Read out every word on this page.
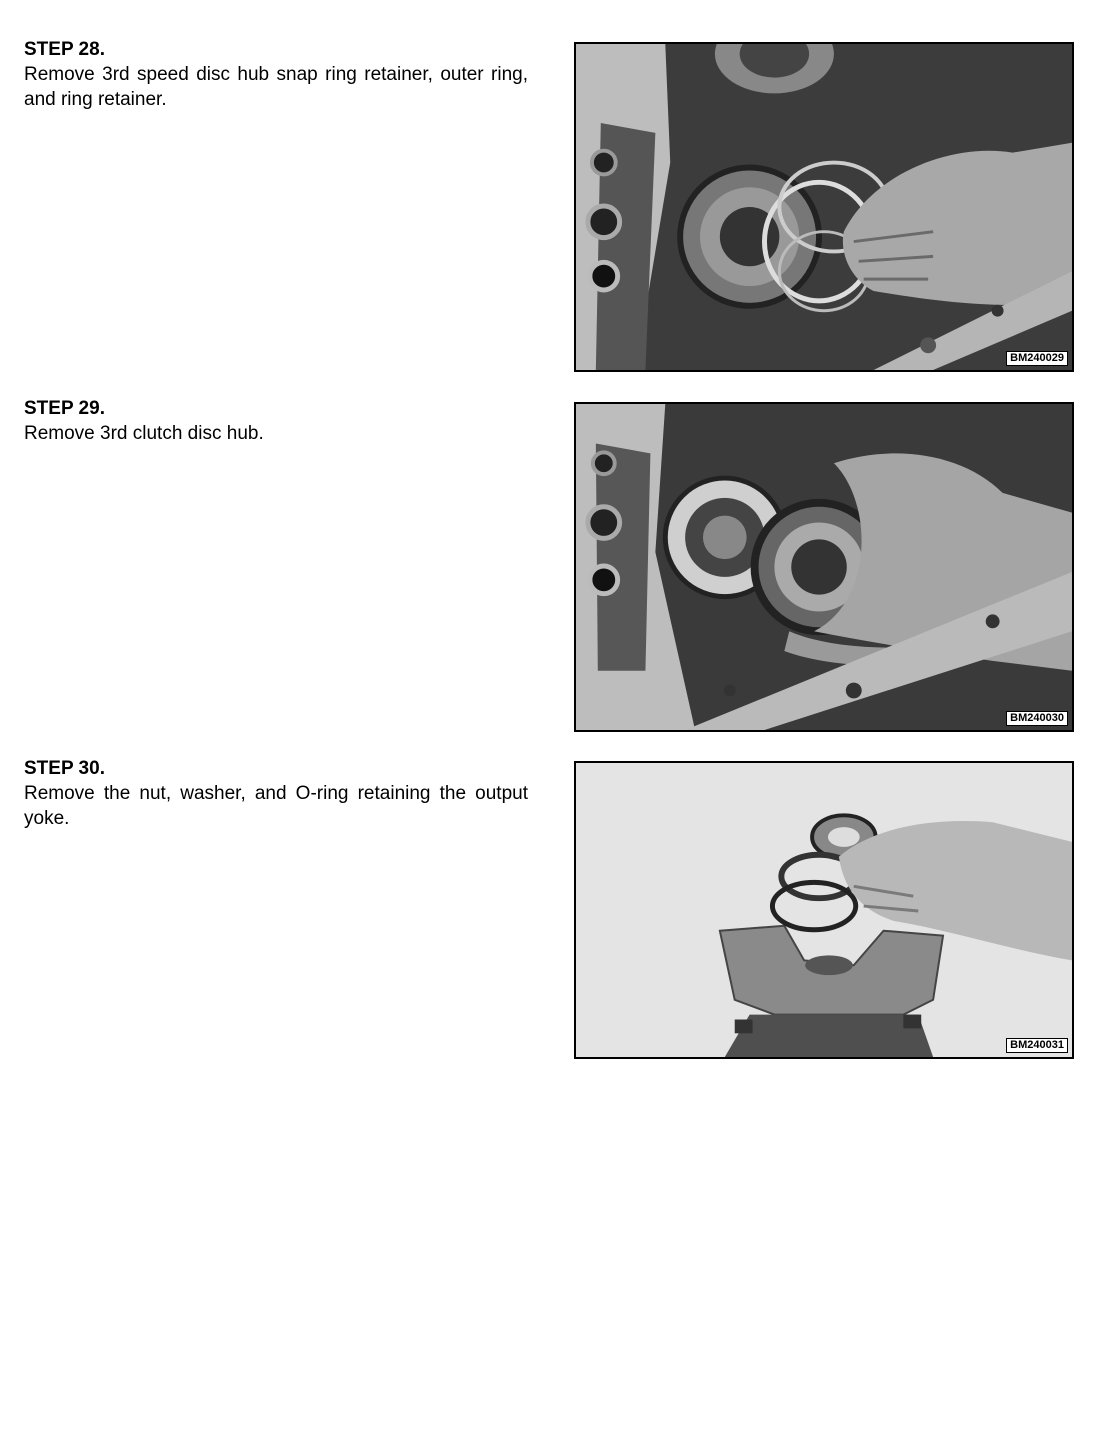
STEP 28.

Remove 3rd speed disc hub snap ring retainer, outer ring, and ring retainer.

BM240029

STEP 29.

Remove 3rd clutch disc hub.

BM240030

STEP 30.

Remove the nut, washer, and O-ring retaining the output yoke.

BM240031
